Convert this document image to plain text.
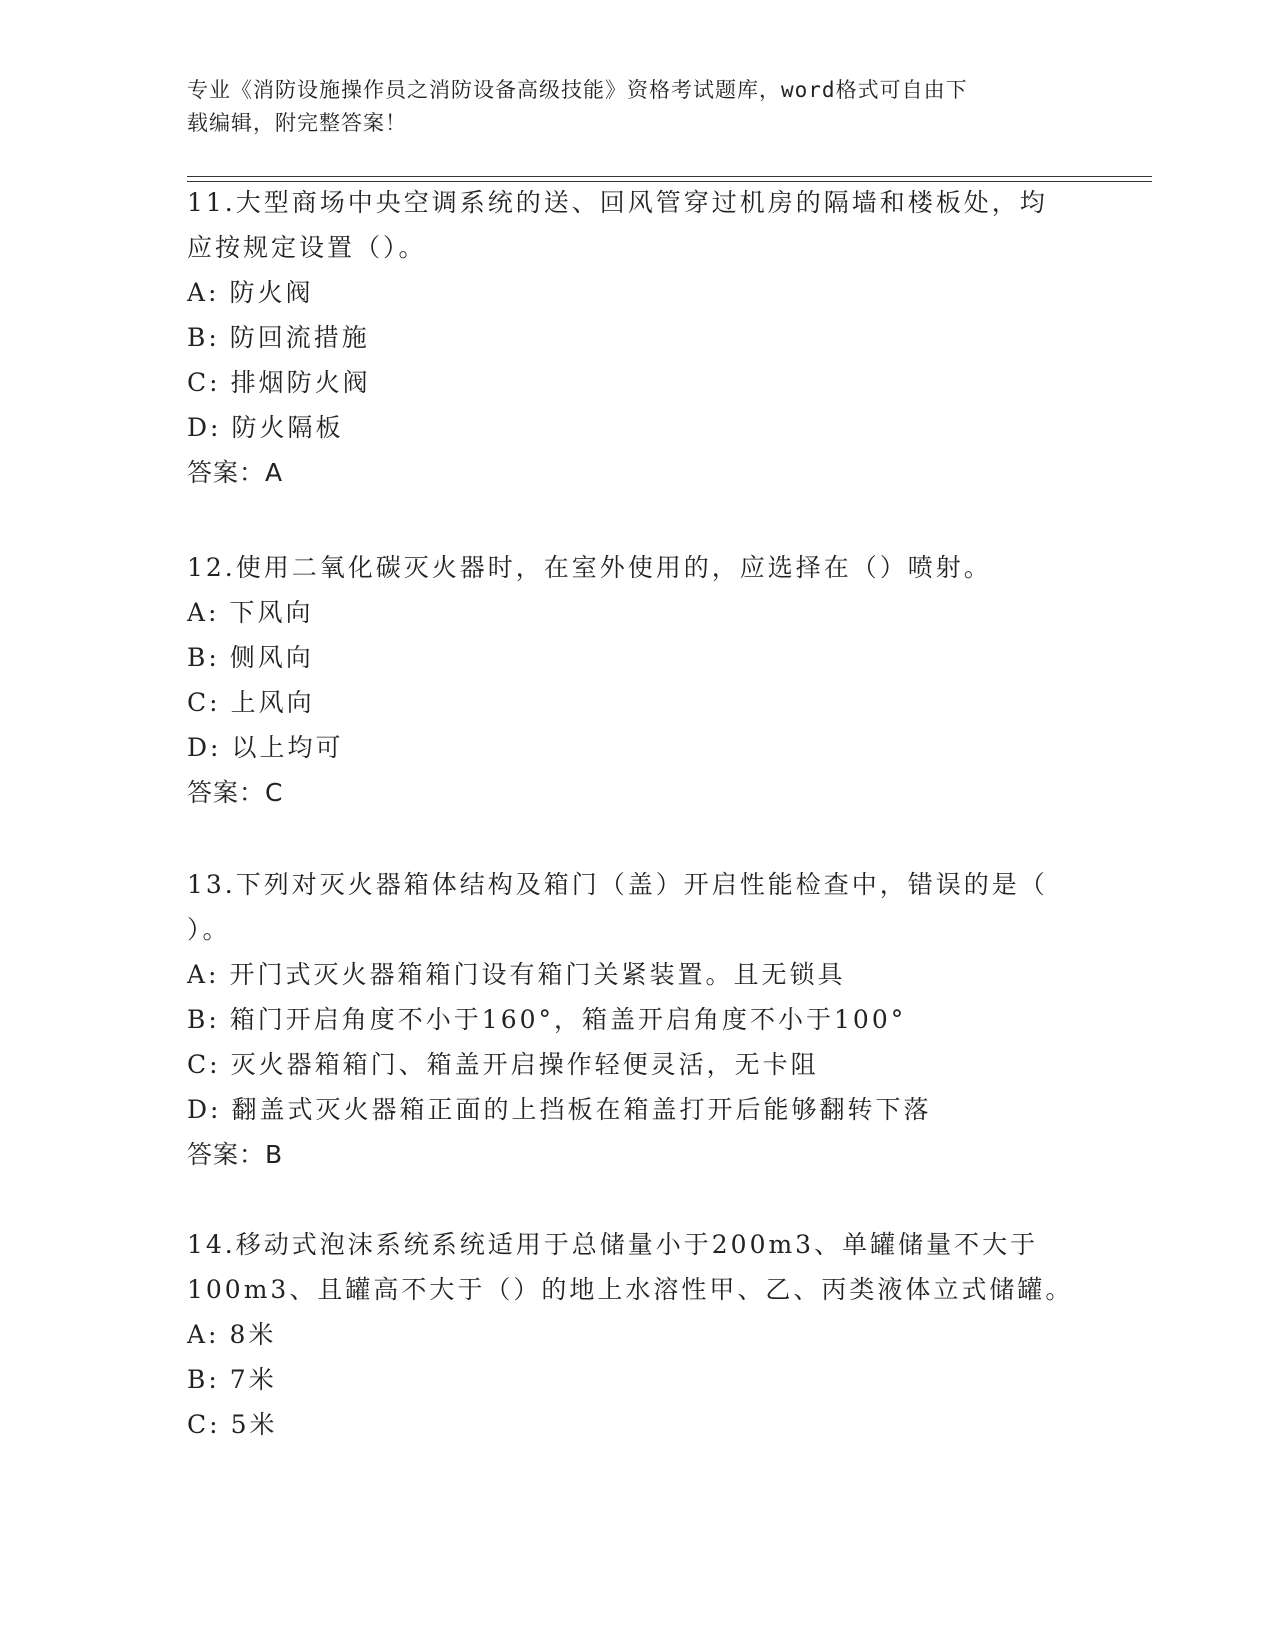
专业《消防设施操作员之消防设备高级技能》资格考试题库，word格式可自由下
载编辑，附完整答案！
11.大型商场中央空调系统的送、回风管穿过机房的隔墙和楼板处，均
应按规定设置（）。
A: 防火阀
B: 防回流措施
C: 排烟防火阀
D: 防火隔板
答案：A
12.使用二氧化碳灭火器时，在室外使用的，应选择在（）喷射。
A: 下风向
B: 侧风向
C: 上风向
D: 以上均可
答案：C
13.下列对灭火器箱体结构及箱门（盖）开启性能检查中，错误的是（
）。
A: 开门式灭火器箱箱门设有箱门关紧装置。且无锁具
B: 箱门开启角度不小于160°，箱盖开启角度不小于100°
C: 灭火器箱箱门、箱盖开启操作轻便灵活，无卡阻
D: 翻盖式灭火器箱正面的上挡板在箱盖打开后能够翻转下落
答案：B
14.移动式泡沫系统系统适用于总储量小于200m3、单罐储量不大于
100m3、且罐高不大于（）的地上水溶性甲、乙、丙类液体立式储罐。
A: 8米
B: 7米
C: 5米
